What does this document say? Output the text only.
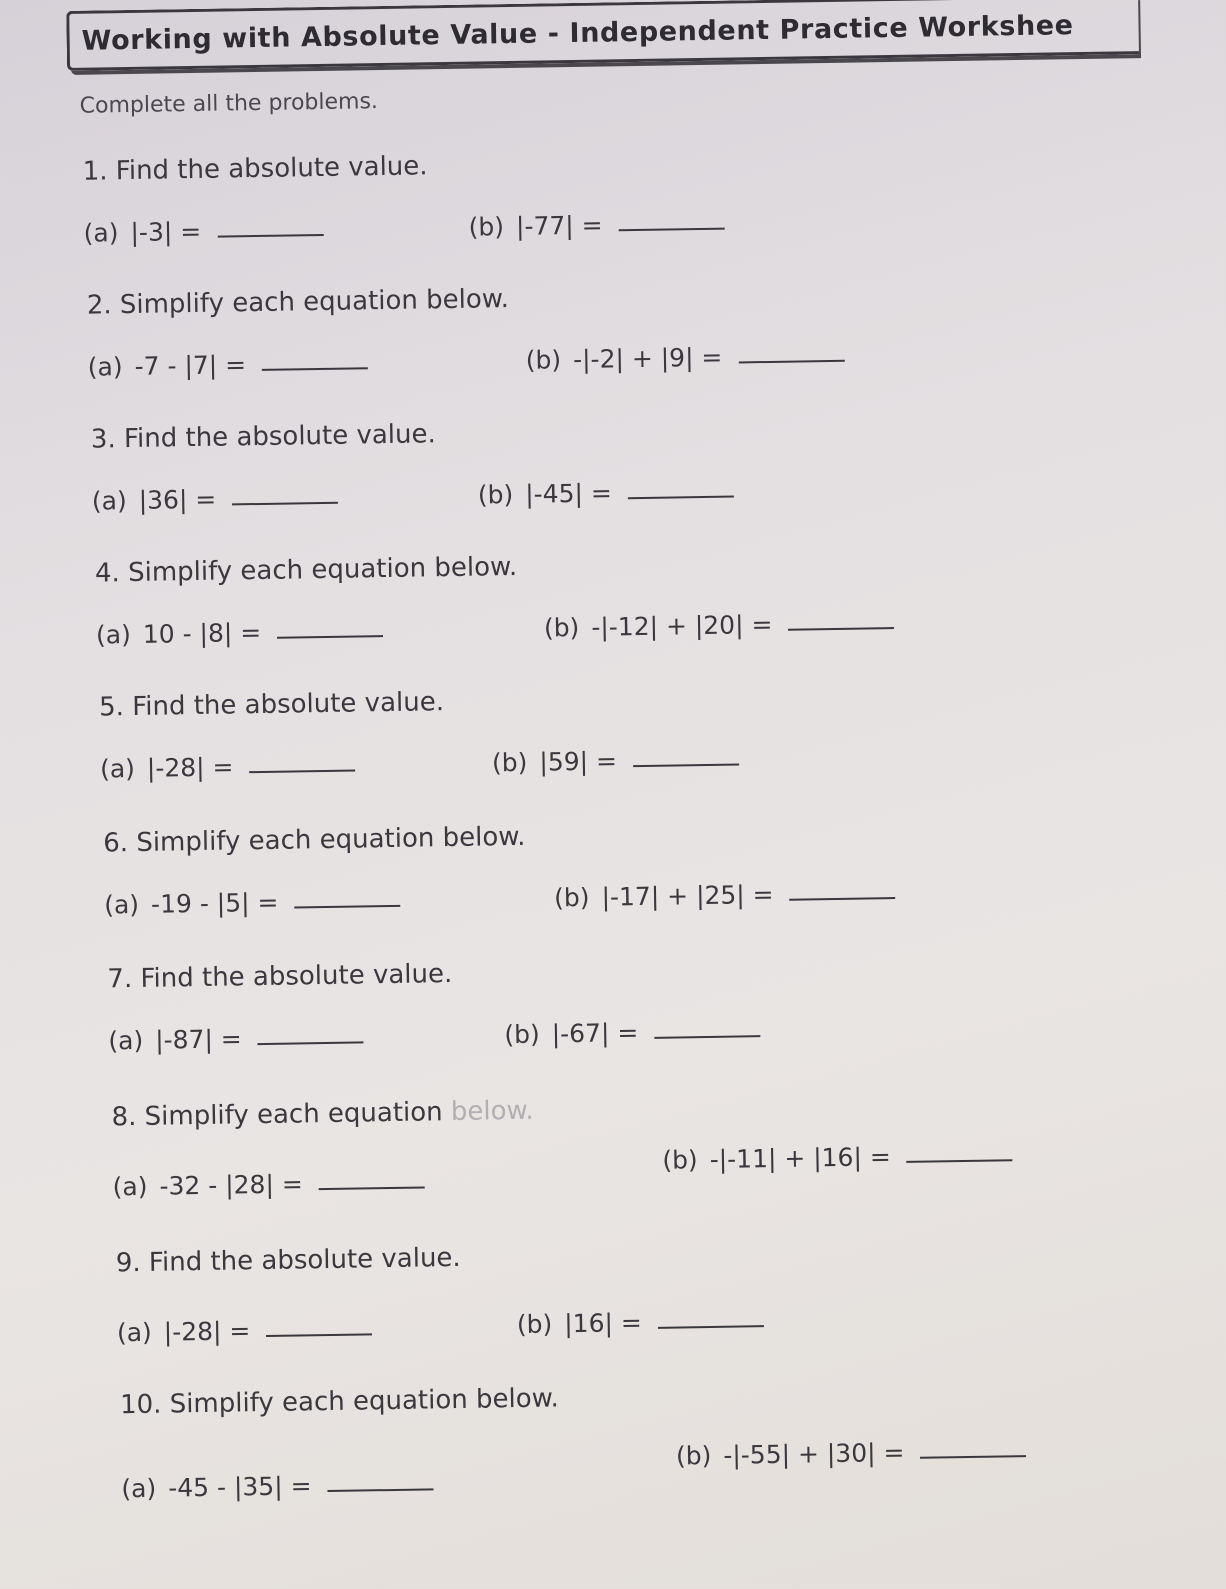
Working with Absolute Value - Independent Practice Workshee
Complete all the problems.
1. Find the absolute value.
(a) |-3| =	(b) |-77| =
2. Simplify each equation below.
(a) -7 - |7| =	(b) -|-2| + |9| =
3. Find the absolute value.
(a) |36| =	(b) |-45| =
4. Simplify each equation below.
(a) 10 - |8| =	(b) -|-12| + |20| =
5. Find the absolute value.
(a) |-28| =	(b) |59| =
6. Simplify each equation below.
(a) -19 - |5| =	(b) |-17| + |25| =
7. Find the absolute value.
(a) |-87| =	(b) |-67| =
8. Simplify each equation below.
(a) -32 - |28| =
(b) -|-11| + |16| =
9. Find the absolute value.
(a) |-28| =	(b) |16| =
10. Simplify each equation below.
(a) -45 - |35| =
(b) -|-55| + |30| =
